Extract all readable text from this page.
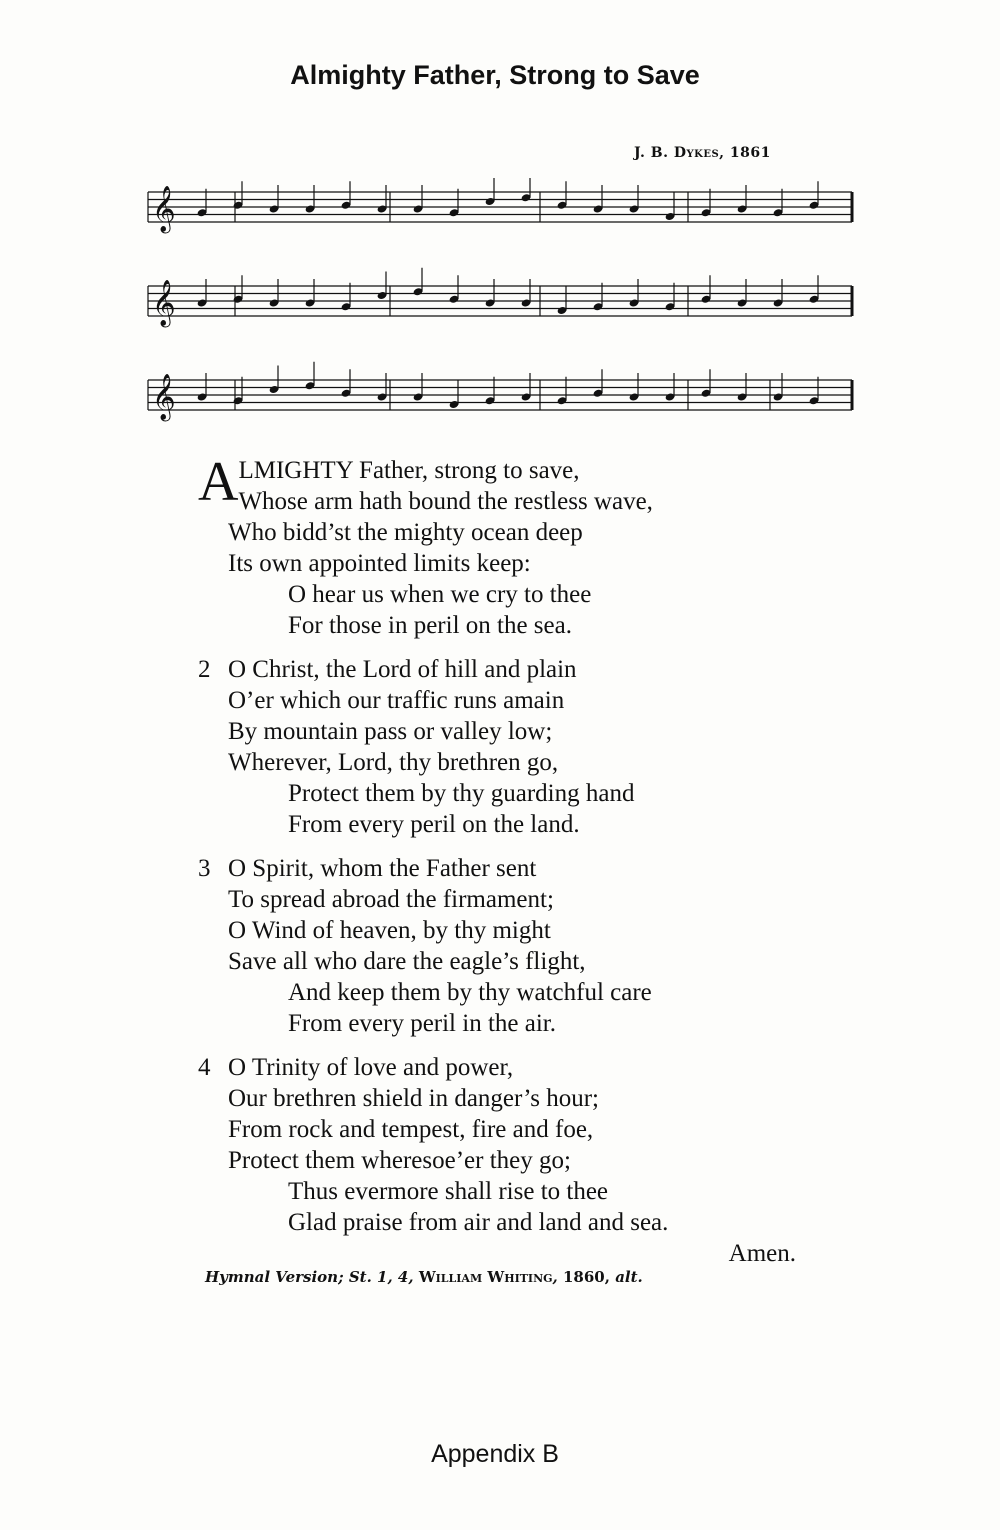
Almighty Father, Strong to Save
J. B. Dykes, 1861
𝄞
𝄞
𝄞
A LMIGHTY Father, strong to save,
Whose arm hath bound the restless wave,
Who bidd’st the mighty ocean deep
Its own appointed limits keep:
O hear us when we cry to thee
For those in peril on the sea.
2 O Christ, the Lord of hill and plain
O’er which our traffic runs amain
By mountain pass or valley low;
Wherever, Lord, thy brethren go,
Protect them by thy guarding hand
From every peril on the land.
3 O Spirit, whom the Father sent
To spread abroad the firmament;
O Wind of heaven, by thy might
Save all who dare the eagle’s flight,
And keep them by thy watchful care
From every peril in the air.
4 O Trinity of love and power,
Our brethren shield in danger’s hour;
From rock and tempest, fire and foe,
Protect them wheresoe’er they go;
Thus evermore shall rise to thee
Glad praise from air and land and sea.
Amen.
Hymnal Version; St. 1, 4, William Whiting, 1860, alt.
Appendix B
